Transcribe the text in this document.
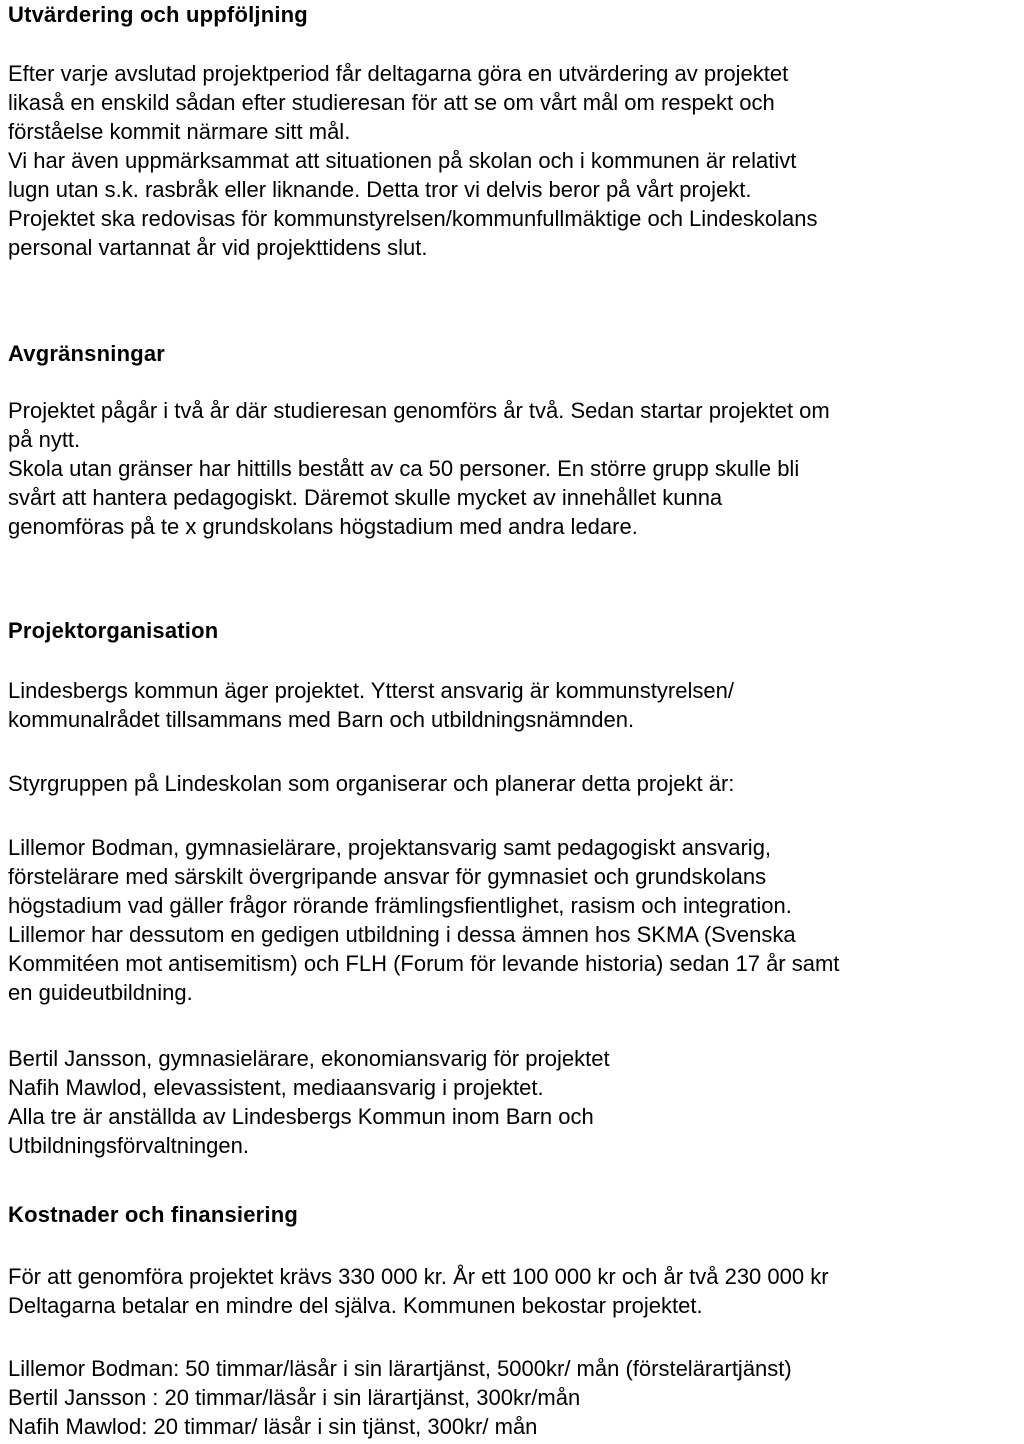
Utvärdering och uppföljning

Efter varje avslutad projektperiod får deltagarna göra en utvärdering av projektet
likaså en enskild sådan efter studieresan för att se om vårt mål om respekt och
förståelse kommit närmare sitt mål.
Vi har även uppmärksammat att situationen på skolan och i kommunen är relativt
lugn utan s.k. rasbråk eller liknande. Detta tror vi delvis beror på vårt projekt.
Projektet ska redovisas för kommunstyrelsen/kommunfullmäktige och Lindeskolans
personal vartannat år vid projekttidens slut.

Avgränsningar

Projektet pågår i två år där studieresan genomförs år två. Sedan startar projektet om
på nytt.
Skola utan gränser har hittills bestått av ca 50 personer. En större grupp skulle bli
svårt att hantera pedagogiskt. Däremot skulle mycket av innehållet kunna
genomföras på te x grundskolans högstadium med andra ledare.

Projektorganisation

Lindesbergs kommun äger projektet. Ytterst ansvarig är kommunstyrelsen/
kommunalrådet tillsammans med Barn och utbildningsnämnden.

Styrgruppen på Lindeskolan som organiserar och planerar detta projekt är:

Lillemor Bodman, gymnasielärare, projektansvarig samt pedagogiskt ansvarig,
förstelärare med särskilt övergripande ansvar för gymnasiet och grundskolans
högstadium vad gäller frågor rörande främlingsfientlighet, rasism och integration.
Lillemor har dessutom en gedigen utbildning i dessa ämnen hos SKMA (Svenska
Kommitéen mot antisemitism) och FLH (Forum för levande historia) sedan 17 år samt
en guideutbildning.

Bertil Jansson, gymnasielärare, ekonomiansvarig för projektet
Nafih Mawlod, elevassistent, mediaansvarig i projektet.
Alla tre är anställda av Lindesbergs Kommun inom Barn och
Utbildningsförvaltningen.

Kostnader och finansiering

För att genomföra projektet krävs 330 000 kr. År ett 100 000 kr och år två 230 000 kr
Deltagarna betalar en mindre del själva. Kommunen bekostar projektet.

Lillemor Bodman: 50 timmar/läsår i sin lärartjänst, 5000kr/ mån (förstelärartjänst)
Bertil Jansson : 20 timmar/läsår i sin lärartjänst, 300kr/mån
Nafih Mawlod: 20 timmar/ läsår i sin tjänst, 300kr/ mån
